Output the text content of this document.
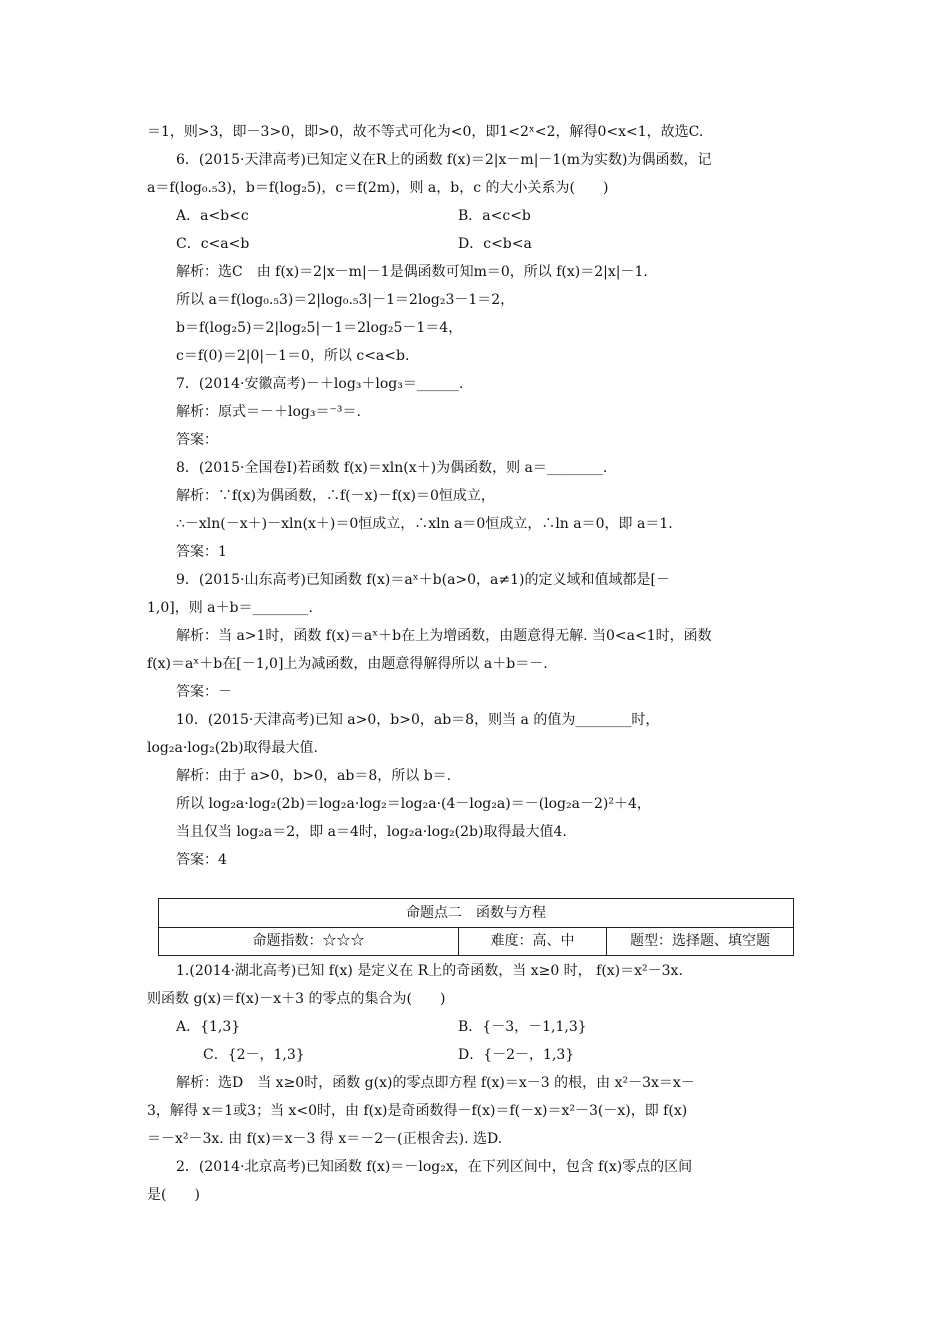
＝1，则>3，即－3>0，即>0，故不等式可化为<0，即1<2ˣ<2，解得0<x<1，故选C.
6．(2015·天津高考)已知定义在R上的函数 f(x)＝2|x－m|－1(m为实数)为偶函数，记
a＝f(log₀.₅3)，b＝f(log₂5)，c＝f(2m)，则 a，b，c 的大小关系为(　　)
A．a<b<c	B．a<c<b
C．c<a<b	D．c<b<a
解析：选C　由 f(x)＝2|x－m|－1是偶函数可知m＝0，所以 f(x)＝2|x|－1.
所以 a＝f(log₀.₅3)＝2|log₀.₅3|－1＝2log₂3－1＝2，
b＝f(log₂5)＝2|log₂5|－1＝2log₂5－1＝4，
c＝f(0)＝2|0|－1＝0，所以 c<a<b.
7．(2014·安徽高考)－＋log₃＋log₃＝______.
解析：原式＝－＋log₃＝⁻³＝.
答案：
8．(2015·全国卷Ⅰ)若函数 f(x)＝xln(x＋)为偶函数，则 a＝________.
解析：∵f(x)为偶函数，∴f(－x)－f(x)＝0恒成立，
∴－xln(－x＋)－xln(x＋)＝0恒成立，∴xln a＝0恒成立，∴ln a＝0，即 a＝1.
答案：1
9．(2015·山东高考)已知函数 f(x)＝aˣ＋b(a>0，a≠1)的定义域和值域都是[－
1,0]，则 a＋b＝________.
解析：当 a>1时，函数 f(x)＝aˣ＋b在上为增函数，由题意得无解. 当0<a<1时，函数
f(x)＝aˣ＋b在[－1,0]上为减函数，由题意得解得所以 a＋b＝－.
答案：－
10．(2015·天津高考)已知 a>0，b>0，ab＝8，则当 a 的值为________时，
log₂a·log₂(2b)取得最大值.
解析：由于 a>0，b>0，ab＝8，所以 b＝.
所以 log₂a·log₂(2b)＝log₂a·log₂＝log₂a·(4－log₂a)＝－(log₂a－2)²＋4，
当且仅当 log₂a＝2，即 a＝4时，log₂a·log₂(2b)取得最大值4.
答案：4
命题点二　函数与方程
命题指数：☆☆☆	难度：高、中	题型：选择题、填空题
1.(2014·湖北高考)已知 f(x) 是定义在 R上的奇函数，当 x≥0 时， f(x)＝x²－3x.
则函数 g(x)＝f(x)－x＋3 的零点的集合为(　　)
A．{1,3}	B．{－3，－1,1,3}
C．{2－，1,3}	D．{－2－，1,3}
解析：选D　当 x≥0时，函数 g(x)的零点即方程 f(x)＝x－3 的根，由 x²－3x＝x－
3，解得 x＝1或3；当 x<0时，由 f(x)是奇函数得－f(x)＝f(－x)＝x²－3(－x)，即 f(x)
＝－x²－3x. 由 f(x)＝x－3 得 x＝－2－(正根舍去). 选D.
2．(2014·北京高考)已知函数 f(x)＝－log₂x，在下列区间中，包含 f(x)零点的区间
是(　　)
